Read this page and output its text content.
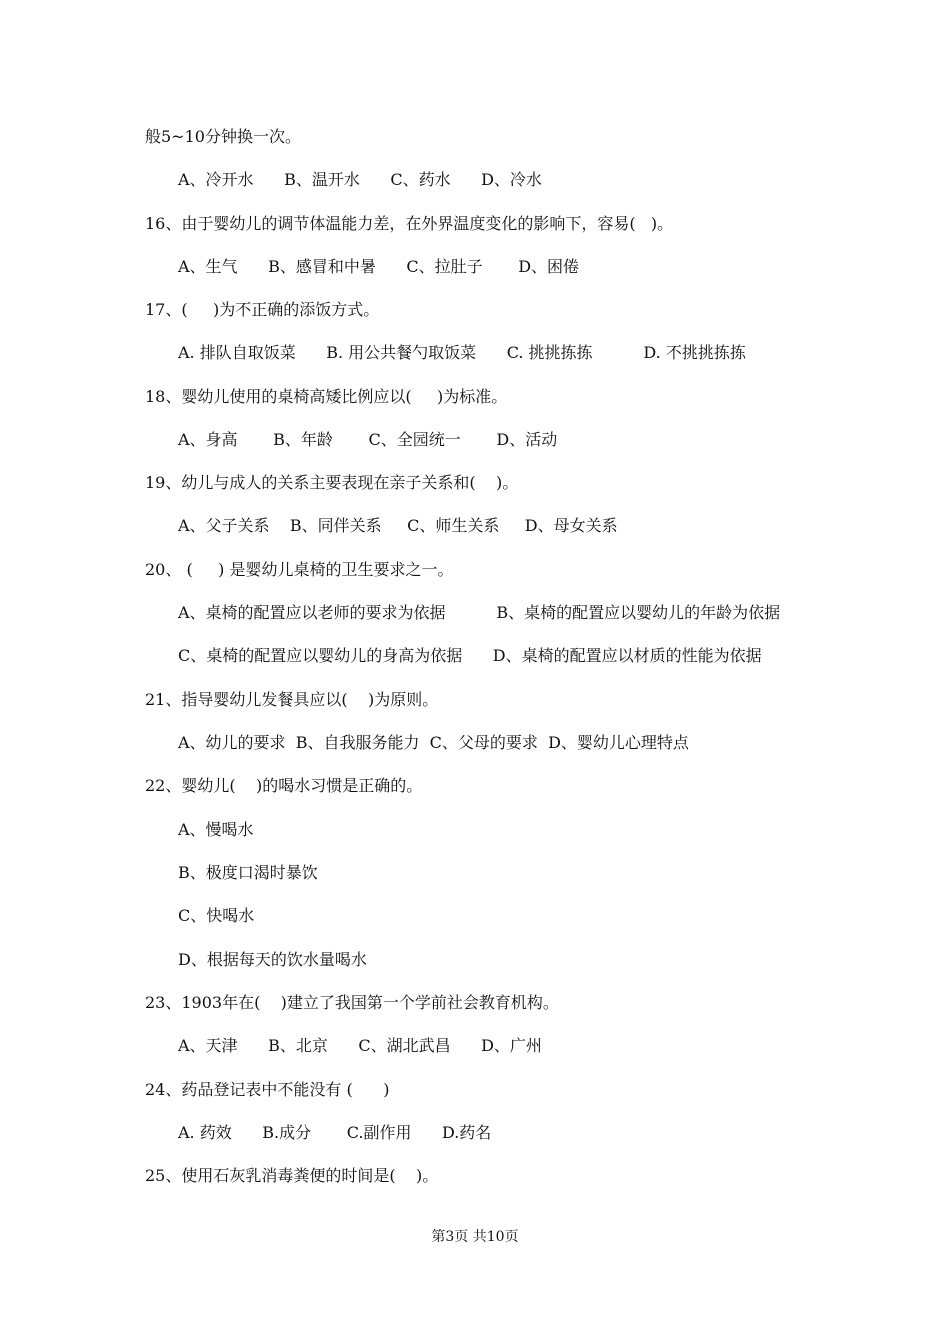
般5~10分钟换一次。
A、冷开水      B、温开水      C、药水      D、冷水
16、由于婴幼儿的调节体温能力差，在外界温度变化的影响下，容易(   )。
A、生气      B、感冒和中暑      C、拉肚子       D、困倦
17、(     )为不正确的添饭方式。
A. 排队自取饭菜      B. 用公共餐勺取饭菜      C. 挑挑拣拣          D. 不挑挑拣拣
18、婴幼儿使用的桌椅高矮比例应以(     )为标准。
A、身高       B、年龄       C、全园统一       D、活动
19、幼儿与成人的关系主要表现在亲子关系和(    )。
A、父子关系    B、同伴关系     C、师生关系     D、母女关系
20、 (     ) 是婴幼儿桌椅的卫生要求之一。
A、桌椅的配置应以老师的要求为依据          B、桌椅的配置应以婴幼儿的年龄为依据
C、桌椅的配置应以婴幼儿的身高为依据      D、桌椅的配置应以材质的性能为依据
21、指导婴幼儿发餐具应以(    )为原则。
A、幼儿的要求  B、自我服务能力  C、父母的要求  D、婴幼儿心理特点
22、婴幼儿(    )的喝水习惯是正确的。
A、慢喝水
B、极度口渴时暴饮
C、快喝水
D、根据每天的饮水量喝水
23、1903年在(    )建立了我国第一个学前社会教育机构。
A、天津      B、北京      C、湖北武昌      D、广州
24、药品登记表中不能没有 (      )
A. 药效      B.成分       C.副作用      D.药名
25、使用石灰乳消毒粪便的时间是(    )。
第3页 共10页
